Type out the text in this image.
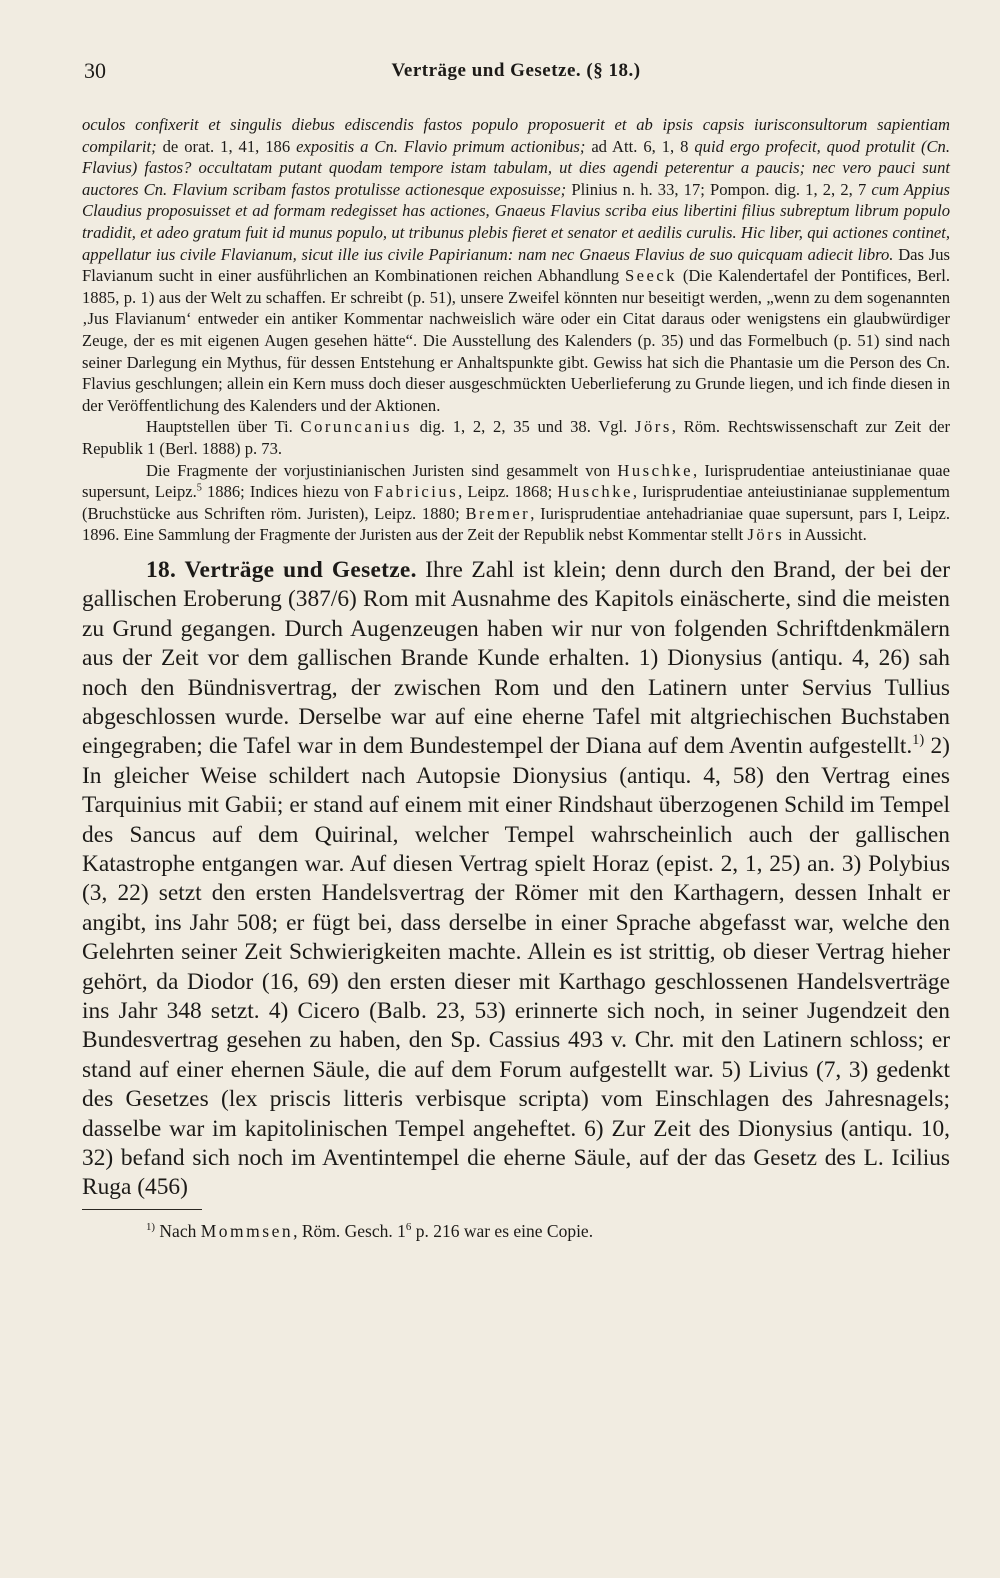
30	Verträge und Gesetze. (§ 18.)

oculos confixerit et singulis diebus ediscendis fastos populo proposuerit et ab ipsis capsis iurisconsultorum sapientiam compilarit; de orat. 1, 41, 186 expositis a Cn. Flavio primum actionibus; ad Att. 6, 1, 8 quid ergo profecit, quod protulit (Cn. Flavius) fastos? occultatam putant quodam tempore istam tabulam, ut dies agendi peterentur a paucis; nec vero pauci sunt auctores Cn. Flavium scribam fastos protulisse actionesque exposuisse; Plinius n. h. 33, 17; Pompon. dig. 1, 2, 2, 7 cum Appius Claudius proposuisset et ad formam redegisset has actiones, Gnaeus Flavius scriba eius libertini filius subreptum librum populo tradidit, et adeo gratum fuit id munus populo, ut tribunus plebis fieret et senator et aedilis curulis. Hic liber, qui actiones continet, appellatur ius civile Flavianum, sicut ille ius civile Papirianum: nam nec Gnaeus Flavius de suo quicquam adiecit libro. Das Jus Flavianum sucht in einer ausführlichen an Kombinationen reichen Abhandlung Seeck (Die Kalendertafel der Pontifices, Berl. 1885, p. 1) aus der Welt zu schaffen. Er schreibt (p. 51), unsere Zweifel könnten nur beseitigt werden, „wenn zu dem sogenannten ‚Jus Flavianum‘ entweder ein antiker Kommentar nachweislich wäre oder ein Citat daraus oder wenigstens ein glaubwürdiger Zeuge, der es mit eigenen Augen gesehen hätte“. Die Ausstellung des Kalenders (p. 35) und das Formelbuch (p. 51) sind nach seiner Darlegung ein Mythus, für dessen Entstehung er Anhaltspunkte gibt. Gewiss hat sich die Phantasie um die Person des Cn. Flavius geschlungen; allein ein Kern muss doch dieser ausgeschmückten Ueberlieferung zu Grunde liegen, und ich finde diesen in der Veröffentlichung des Kalenders und der Aktionen.

Hauptstellen über Ti. Coruncanius dig. 1, 2, 2, 35 und 38. Vgl. Jörs, Röm. Rechtswissenschaft zur Zeit der Republik 1 (Berl. 1888) p. 73.

Die Fragmente der vorjustinianischen Juristen sind gesammelt von Huschke, Iurisprudentiae anteiustinianae quae supersunt, Leipz.$^5$ 1886; Indices hiezu von Fabricius, Leipz. 1868; Huschke, Iurisprudentiae anteiustinianae supplementum (Bruchstücke aus Schriften röm. Juristen), Leipz. 1880; Bremer, Iurisprudentiae antehadrianiae quae supersunt, pars I, Leipz. 1896. Eine Sammlung der Fragmente der Juristen aus der Zeit der Republik nebst Kommentar stellt Jörs in Aussicht.

18. Verträge und Gesetze. Ihre Zahl ist klein; denn durch den Brand, der bei der gallischen Eroberung (387/6) Rom mit Ausnahme des Kapitols einäscherte, sind die meisten zu Grund gegangen. Durch Augenzeugen haben wir nur von folgenden Schriftdenkmälern aus der Zeit vor dem gallischen Brande Kunde erhalten. 1) Dionysius (antiqu. 4, 26) sah noch den Bündnisvertrag, der zwischen Rom und den Latinern unter Servius Tullius abgeschlossen wurde. Derselbe war auf eine eherne Tafel mit altgriechischen Buchstaben eingegraben; die Tafel war in dem Bundestempel der Diana auf dem Aventin aufgestellt.$^{1)}$ 2) In gleicher Weise schildert nach Autopsie Dionysius (antiqu. 4, 58) den Vertrag eines Tarquinius mit Gabii; er stand auf einem mit einer Rindshaut überzogenen Schild im Tempel des Sancus auf dem Quirinal, welcher Tempel wahrscheinlich auch der gallischen Katastrophe entgangen war. Auf diesen Vertrag spielt Horaz (epist. 2, 1, 25) an. 3) Polybius (3, 22) setzt den ersten Handelsvertrag der Römer mit den Karthagern, dessen Inhalt er angibt, ins Jahr 508; er fügt bei, dass derselbe in einer Sprache abgefasst war, welche den Gelehrten seiner Zeit Schwierigkeiten machte. Allein es ist strittig, ob dieser Vertrag hieher gehört, da Diodor (16, 69) den ersten dieser mit Karthago geschlossenen Handelsverträge ins Jahr 348 setzt. 4) Cicero (Balb. 23, 53) erinnerte sich noch, in seiner Jugendzeit den Bundesvertrag gesehen zu haben, den Sp. Cassius 493 v. Chr. mit den Latinern schloss; er stand auf einer ehernen Säule, die auf dem Forum aufgestellt war. 5) Livius (7, 3) gedenkt des Gesetzes (lex priscis litteris verbisque scripta) vom Einschlagen des Jahresnagels; dasselbe war im kapitolinischen Tempel angeheftet. 6) Zur Zeit des Dionysius (antiqu. 10, 32) befand sich noch im Aventintempel die eherne Säule, auf der das Gesetz des L. Icilius Ruga (456)

$^{1)}$ Nach Mommsen, Röm. Gesch. $1^6$ p. 216 war es eine Copie.
